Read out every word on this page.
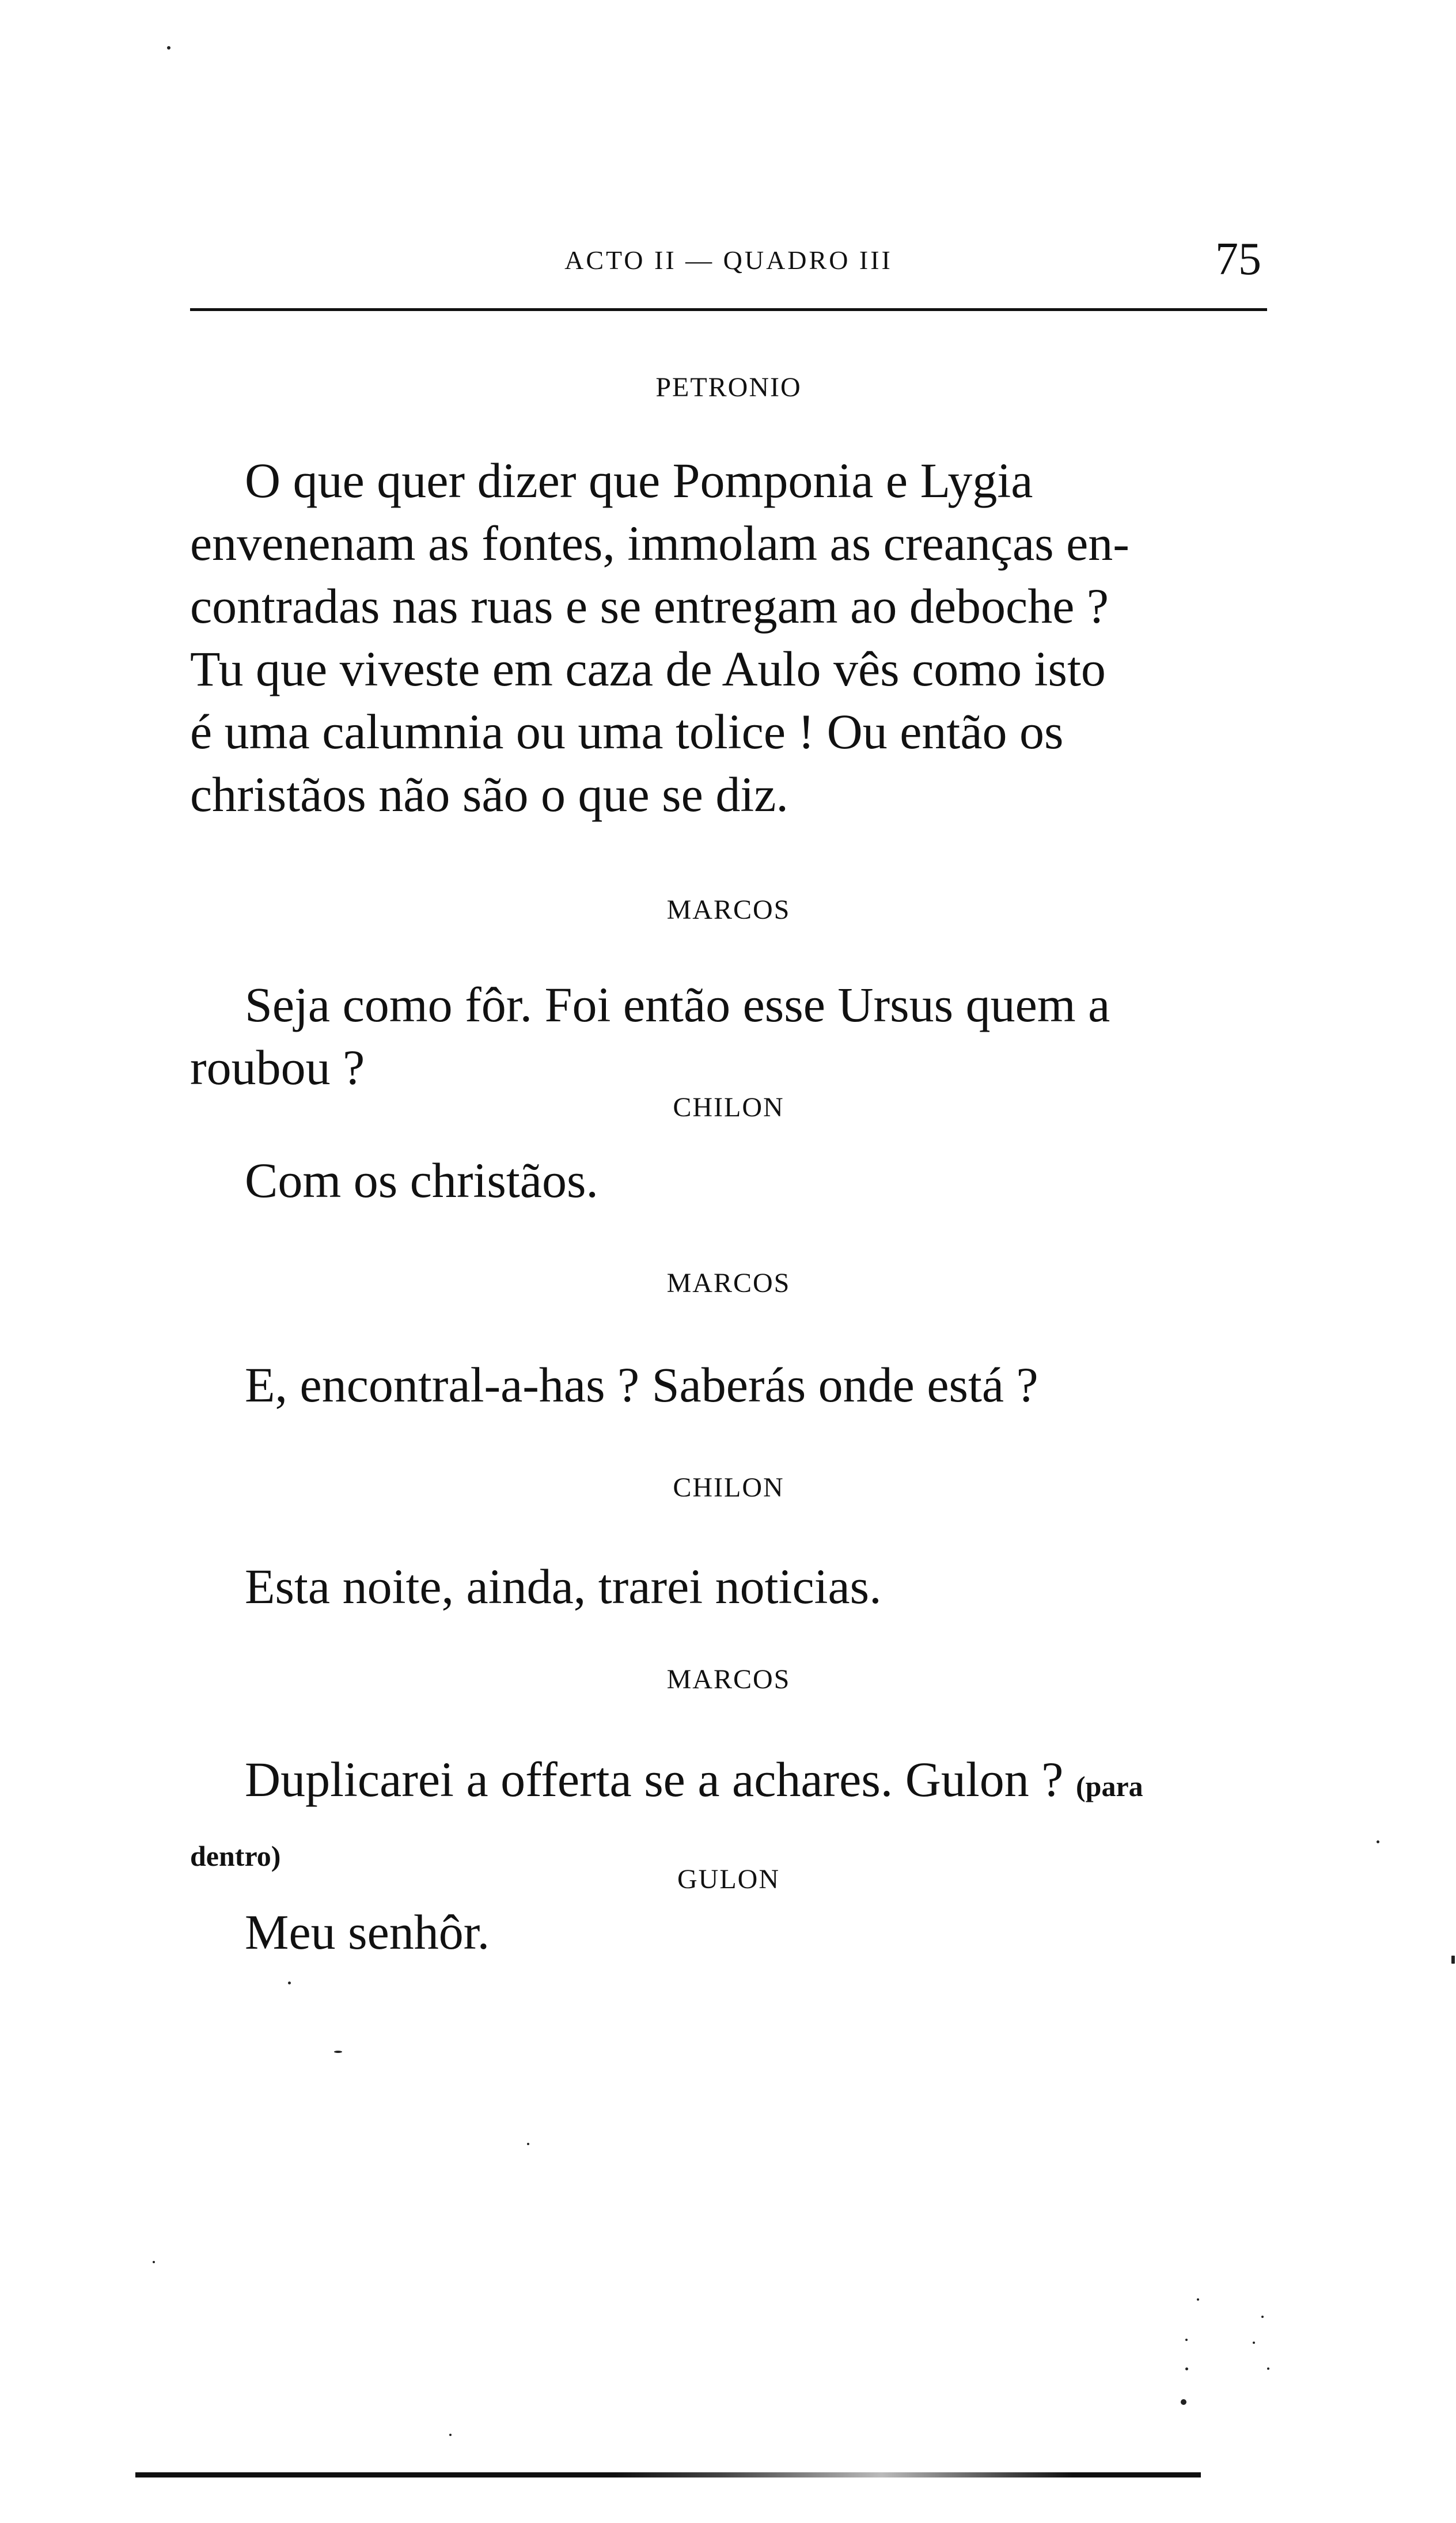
ACTO II — QUADRO III	75
PETRONIO
O que quer dizer que Pomponia e Lygia
envenenam as fontes, immolam as creanças en-
contradas nas ruas e se entregam ao deboche ?
Tu que viveste em caza de Aulo vês como isto
é uma calumnia ou uma tolice ! Ou então os
christãos não são o que se diz.
MARCOS
Seja como fôr. Foi então esse Ursus quem a
roubou ?
CHILON
Com os christãos.
MARCOS
E, encontral-a-has ? Saberás onde está ?
CHILON
Esta noite, ainda, trarei noticias.
MARCOS
Duplicarei a offerta se a achares. Gulon ? (para
dentro)
GULON
Meu senhôr.
